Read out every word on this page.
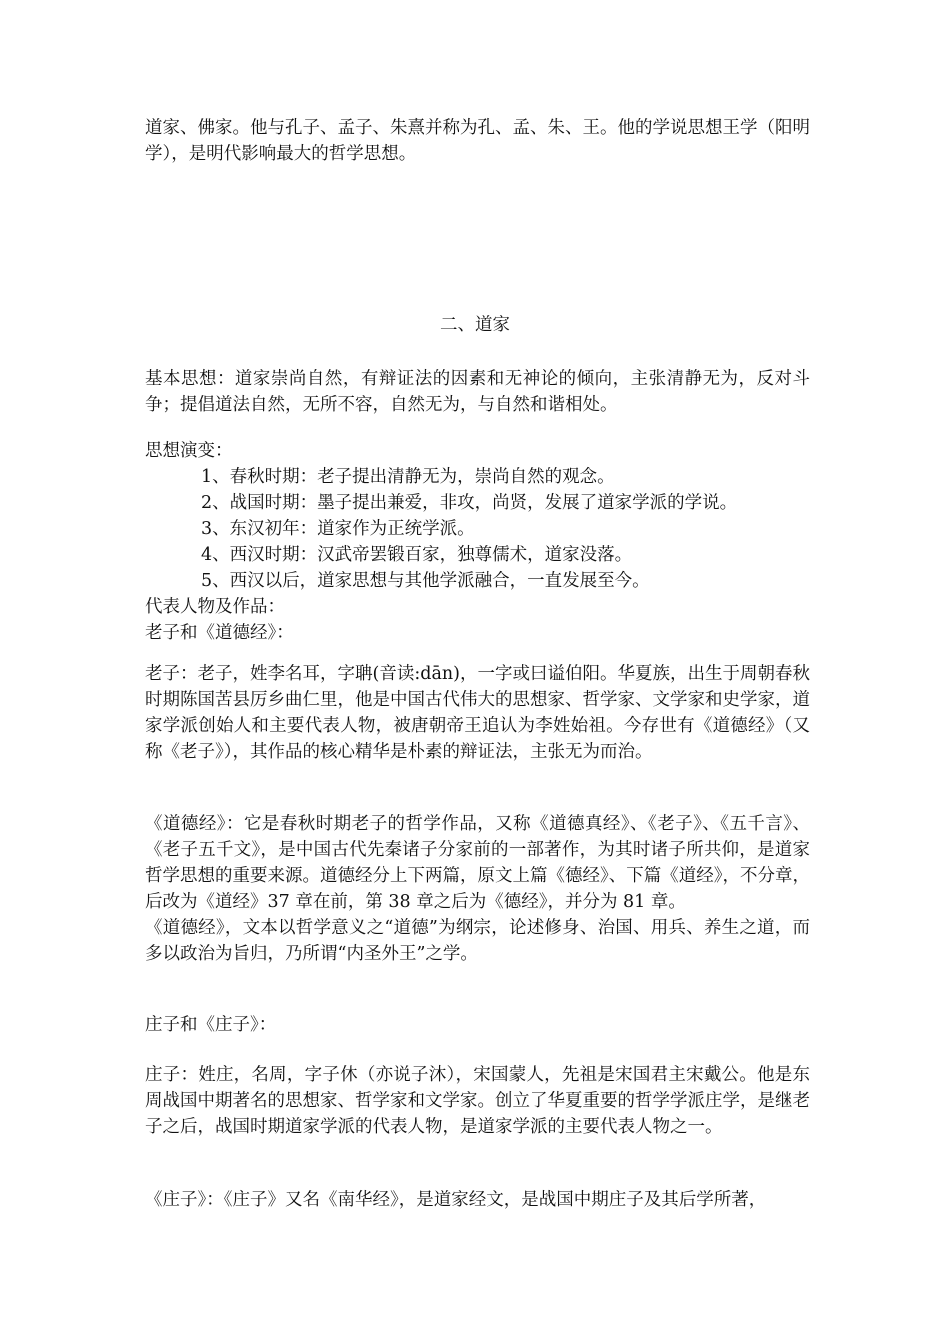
道家、佛家。他与孔子、孟子、朱熹并称为孔、孟、朱、王。他的学说思想王学（阳明学），是明代影响最大的哲学思想。

二、道家

基本思想：道家崇尚自然，有辩证法的因素和无神论的倾向，主张清静无为，反对斗争；提倡道法自然，无所不容，自然无为，与自然和谐相处。

思想演变：

1、春秋时期：老子提出清静无为，崇尚自然的观念。

2、战国时期：墨子提出兼爱，非攻，尚贤，发展了道家学派的学说。

3、东汉初年：道家作为正统学派。

4、西汉时期：汉武帝罢锻百家，独尊儒术，道家没落。

5、西汉以后，道家思想与其他学派融合，一直发展至今。

代表人物及作品：

老子和《道德经》：

老子：老子，姓李名耳，字聃(音读:dān)，一字或曰谥伯阳。华夏族，出生于周朝春秋时期陈国苦县厉乡曲仁里，他是中国古代伟大的思想家、哲学家、文学家和史学家，道家学派创始人和主要代表人物，被唐朝帝王追认为李姓始祖。今存世有《道德经》（又称《老子》），其作品的核心精华是朴素的辩证法，主张无为而治。

《道德经》：它是春秋时期老子的哲学作品，又称《道德真经》、《老子》、《五千言》、《老子五千文》，是中国古代先秦诸子分家前的一部著作，为其时诸子所共仰，是道家哲学思想的重要来源。道德经分上下两篇，原文上篇《德经》、下篇《道经》，不分章，后改为《道经》37 章在前，第 38 章之后为《德经》，并分为 81 章。

《道德经》，文本以哲学意义之“道德”为纲宗，论述修身、治国、用兵、养生之道，而多以政治为旨归，乃所谓“内圣外王”之学。

庄子和《庄子》：

庄子：姓庄，名周，字子休（亦说子沐），宋国蒙人，先祖是宋国君主宋戴公。他是东周战国中期著名的思想家、哲学家和文学家。创立了华夏重要的哲学学派庄学，是继老子之后，战国时期道家学派的代表人物，是道家学派的主要代表人物之一。

《庄子》：《庄子》又名《南华经》，是道家经文，是战国中期庄子及其后学所著，
